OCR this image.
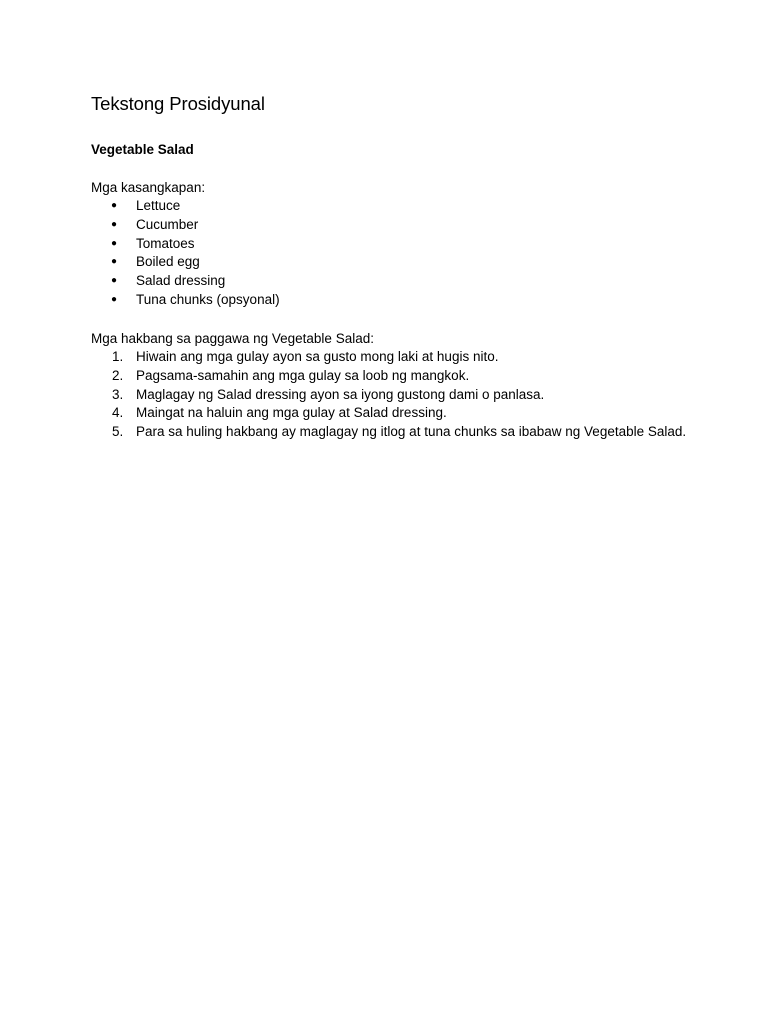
Tekstong Prosidyunal
Vegetable Salad

Mga kasangkapan:

● Lettuce
● Cucumber
● Tomatoes
● Boiled egg
● Salad dressing
● Tuna chunks (opsyonal)

Mga hakbang sa paggawa ng Vegetable Salad:

1. Hiwain ang mga gulay ayon sa gusto mong laki at hugis nito.
2. Pagsama-samahin ang mga gulay sa loob ng mangkok.
3. Maglagay ng Salad dressing ayon sa iyong gustong dami o panlasa.
4. Maingat na haluin ang mga gulay at Salad dressing.
5. Para sa huling hakbang ay maglagay ng itlog at tuna chunks sa ibabaw ng Vegetable Salad.
